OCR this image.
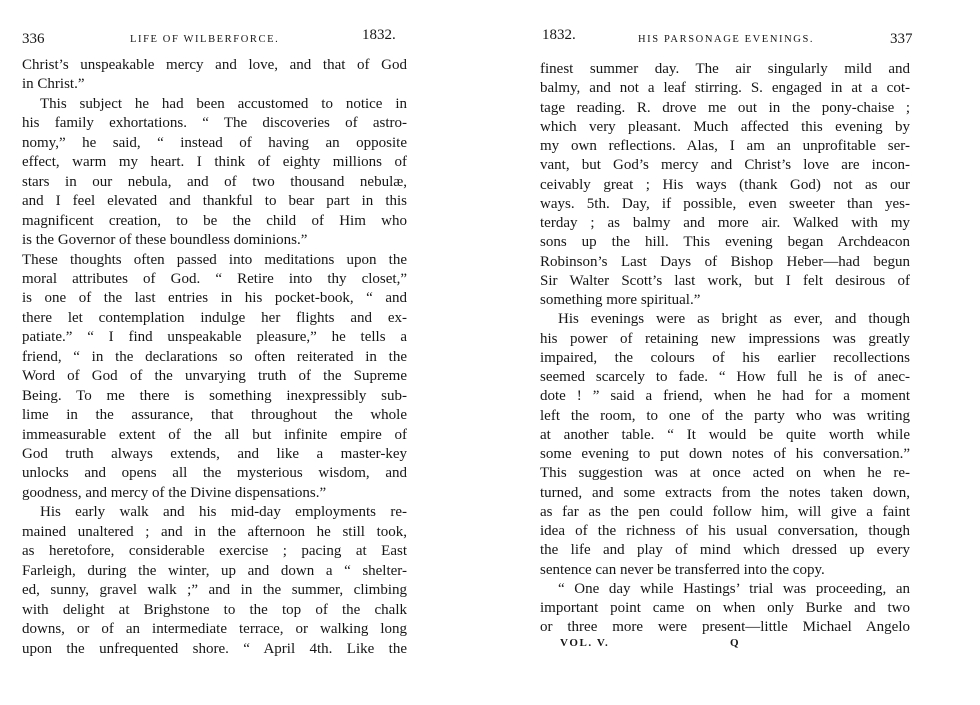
336	LIFE OF WILBERFORCE.	1832.
Christ’s unspeakable mercy and love, and that of God
in Christ.”
This subject he had been accustomed to notice in
his family exhortations. “ The discoveries of astro-
nomy,” he said, “ instead of having an opposite
effect, warm my heart. I think of eighty millions of
stars in our nebula, and of two thousand nebulæ,
and I feel elevated and thankful to bear part in this
magnificent creation, to be the child of Him who
is the Governor of these boundless dominions.”
These thoughts often passed into meditations upon the
moral attributes of God. “ Retire into thy closet,”
is one of the last entries in his pocket-book, “ and
there let contemplation indulge her flights and ex-
patiate.” “ I find unspeakable pleasure,” he tells a
friend, “ in the declarations so often reiterated in the
Word of God of the unvarying truth of the Supreme
Being. To me there is something inexpressibly sub-
lime in the assurance, that throughout the whole
immeasurable extent of the all but infinite empire of
God truth always extends, and like a master-key
unlocks and opens all the mysterious wisdom, and
goodness, and mercy of the Divine dispensations.”
His early walk and his mid-day employments re-
mained unaltered ; and in the afternoon he still took,
as heretofore, considerable exercise ; pacing at East
Farleigh, during the winter, up and down a “ shelter-
ed, sunny, gravel walk ;” and in the summer, climbing
with delight at Brighstone to the top of the chalk
downs, or of an intermediate terrace, or walking long
upon the unfrequented shore. “ April 4th. Like the
1832.	HIS PARSONAGE EVENINGS.	337
finest summer day. The air singularly mild and
balmy, and not a leaf stirring. S. engaged in at a cot-
tage reading. R. drove me out in the pony-chaise ;
which very pleasant. Much affected this evening by
my own reflections. Alas, I am an unprofitable ser-
vant, but God’s mercy and Christ’s love are incon-
ceivably great ; His ways (thank God) not as our
ways. 5th. Day, if possible, even sweeter than yes-
terday ; as balmy and more air. Walked with my
sons up the hill. This evening began Archdeacon
Robinson’s Last Days of Bishop Heber—had begun
Sir Walter Scott’s last work, but I felt desirous of
something more spiritual.”
His evenings were as bright as ever, and though
his power of retaining new impressions was greatly
impaired, the colours of his earlier recollections
seemed scarcely to fade. “ How full he is of anec-
dote ! ” said a friend, when he had for a moment
left the room, to one of the party who was writing
at another table. “ It would be quite worth while
some evening to put down notes of his conversation.”
This suggestion was at once acted on when he re-
turned, and some extracts from the notes taken down,
as far as the pen could follow him, will give a faint
idea of the richness of his usual conversation, though
the life and play of mind which dressed up every
sentence can never be transferred into the copy.
“ One day while Hastings’ trial was proceeding, an
important point came on when only Burke and two
or three more were present—little Michael Angelo
VOL. V.	Q
